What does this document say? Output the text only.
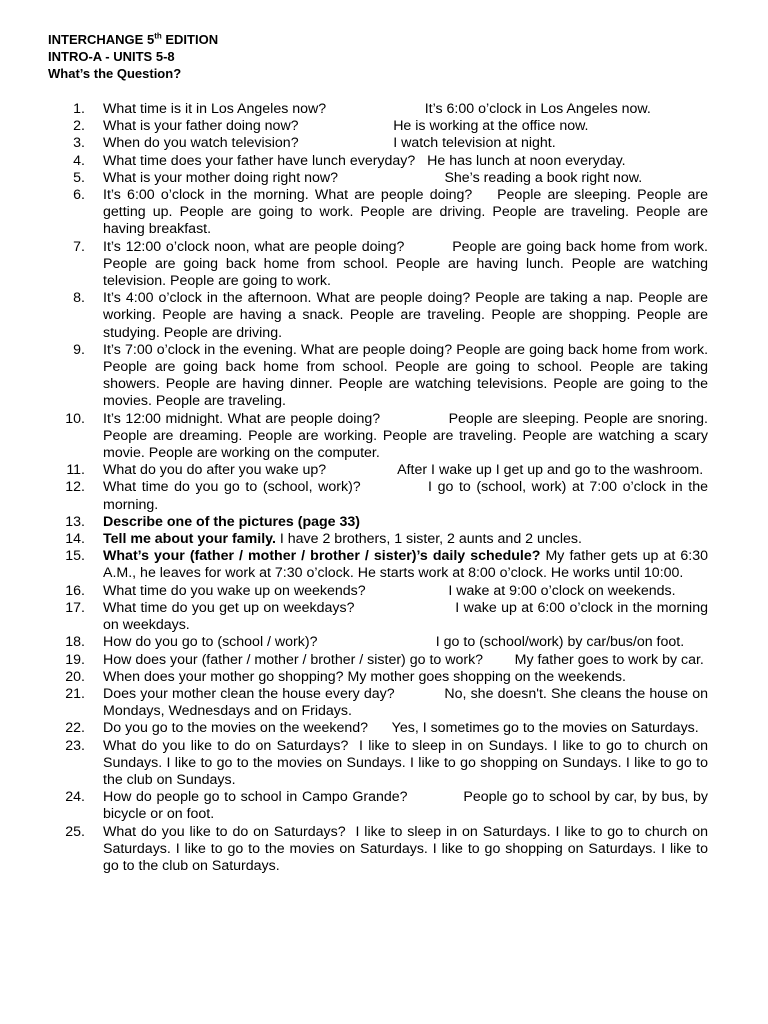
INTERCHANGE 5th EDITION
INTRO-A - UNITS 5-8
What’s the Question?
1. What time is it in Los Angeles now?	It’s 6:00 o’clock in Los Angeles now.
2. What is your father doing now?	He is working at the office now.
3. When do you watch television?	I watch television at night.
4. What time does your father have lunch everyday? He has lunch at noon everyday.
5. What is your mother doing right now?	She’s reading a book right now.
6. It’s 6:00 o’clock in the morning. What are people doing? People are sleeping. People are getting up. People are going to work. People are driving. People are traveling. People are having breakfast.
7. It’s 12:00 o’clock noon, what are people doing?	People are going back home from work. People are going back home from school. People are having lunch. People are watching television. People are going to work.
8. It’s 4:00 o’clock in the afternoon. What are people doing? People are taking a nap. People are working. People are having a snack. People are traveling. People are shopping. People are studying. People are driving.
9. It’s 7:00 o’clock in the evening. What are people doing? People are going back home from work. People are going back home from school. People are going to school. People are taking showers. People are having dinner. People are watching televisions. People are going to the movies. People are traveling.
10. It’s 12:00 midnight. What are people doing?	People are sleeping. People are snoring. People are dreaming. People are working. People are traveling. People are watching a scary movie. People are working on the computer.
11. What do you do after you wake up?	After I wake up I get up and go to the washroom.
12. What time do you go to (school, work)?	I go to (school, work) at 7:00 o’clock in the morning.
13. Describe one of the pictures (page 33)
14. Tell me about your family. I have 2 brothers, 1 sister, 2 aunts and 2 uncles.
15. What’s your (father / mother / brother / sister)’s daily schedule? My father gets up at 6:30 A.M., he leaves for work at 7:30 o’clock. He starts work at 8:00 o’clock. He works until 10:00.
16. What time do you wake up on weekends?	I wake at 9:00 o’clock on weekends.
17. What time do you get up on weekdays?	I wake up at 6:00 o’clock in the morning on weekdays.
18. How do you go to (school / work)?	I go to (school/work) by car/bus/on foot.
19. How does your (father / mother / brother / sister) go to work? My father goes to work by car.
20. When does your mother go shopping? My mother goes shopping on the weekends.
21. Does your mother clean the house every day?	No, she doesn't. She cleans the house on Mondays, Wednesdays and on Fridays.
22. Do you go to the movies on the weekend? Yes, I sometimes go to the movies on Saturdays.
23. What do you like to do on Saturdays? I like to sleep in on Sundays. I like to go to church on Sundays. I like to go to the movies on Sundays. I like to go shopping on Sundays. I like to go to the club on Sundays.
24. How do people go to school in Campo Grande?	People go to school by car, by bus, by bicycle or on foot.
25. What do you like to do on Saturdays? I like to sleep in on Saturdays. I like to go to church on Saturdays. I like to go to the movies on Saturdays. I like to go shopping on Saturdays. I like to go to the club on Saturdays.
